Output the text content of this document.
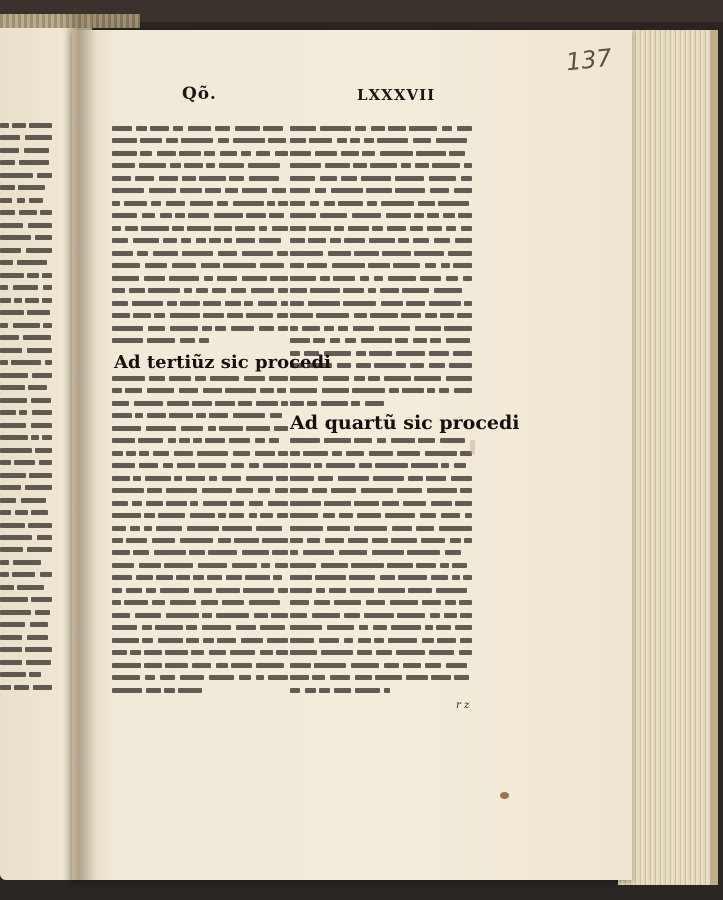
137
Qõ.	LXXXVII
Ad tertiũz sic procedi
Ad quartũ sic procedi
r z
